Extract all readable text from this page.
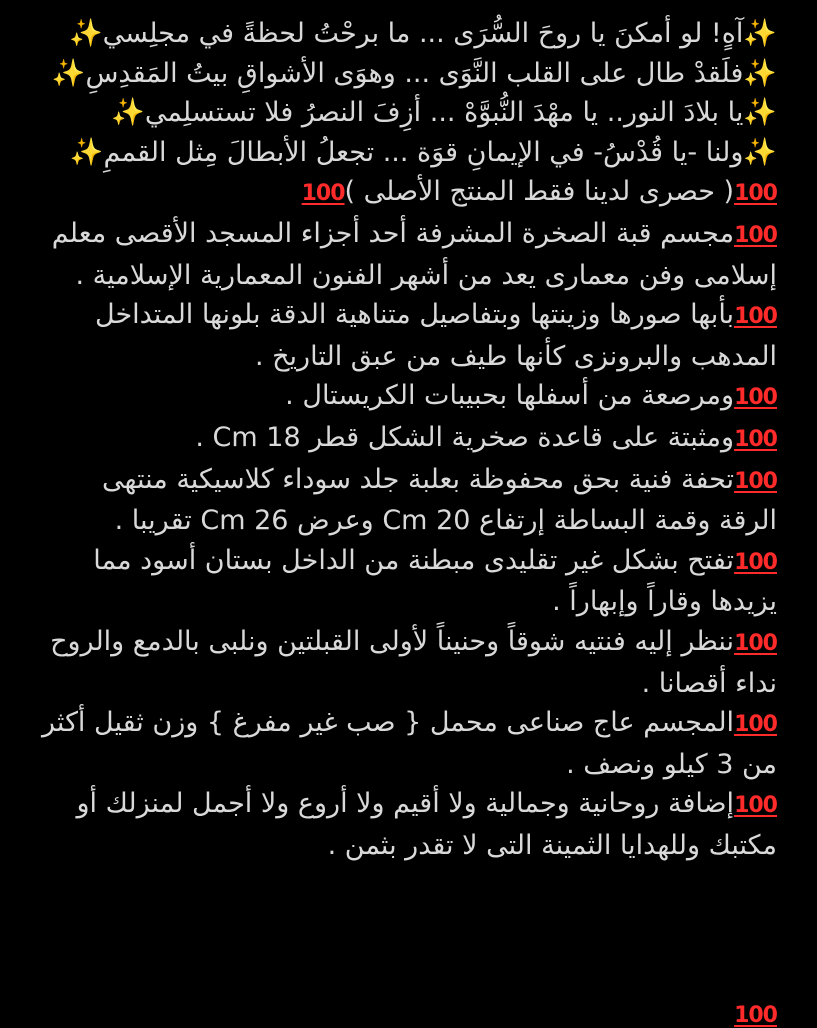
✨آهٍ! لو أمكنَ يا روحَ السُّرَى ... ما برحْتُ لحظةً في مجلِسي✨
✨فلَقدْ طال على القلب النَّوَى ... وهوَى الأشواقِ بيتُ المَقدِسِ✨
✨يا بلادَ النور.. يا مهْدَ النُّبوَّهْ ... أزِفَ النصرُ فلا تستسلِمي✨
✨ولنا -يا قُدْسُ- في الإيمانِ قوَة ... تجعلُ الأبطالَ مِثل القممِ✨
100( حصرى لدينا فقط المنتج الأصلى )100
100مجسم قبة الصخرة المشرفة أحد أجزاء المسجد الأقصى معلم إسلامى وفن معمارى يعد من أشهر الفنون المعمارية الإسلامية .
100بأبها صورها وزينتها وبتفاصيل متناهية الدقة بلونها المتداخل المدهب والبرونزى كأنها طيف من عبق التاريخ .
100ومرصعة من أسفلها بحبيبات الكريستال .
100ومثبتة على قاعدة صخرية الشكل قطر 18 Cm .
100تحفة فنية بحق محفوظة بعلبة جلد سوداء كلاسيكية منتهى الرقة وقمة البساطة إرتفاع 20 Cm وعرض 26 Cm تقريبا .
100تفتح بشكل غير تقليدى مبطنة من الداخل بستان أسود مما يزيدها وقاراً وإبهاراً .
100ننظر إليه فنتيه شوقاً وحنيناً لأولى القبلتين ونلبى بالدمع والروح نداء أقصانا .
100المجسم عاج صناعى محمل { صب غير مفرغ } وزن ثقيل أكثر من 3 كيلو ونصف .
100إضافة روحانية وجمالية ولا أقيم ولا أروع ولا أجمل لمنزلك أو مكتبك وللهدايا الثمينة التى لا تقدر بثمن .
100
